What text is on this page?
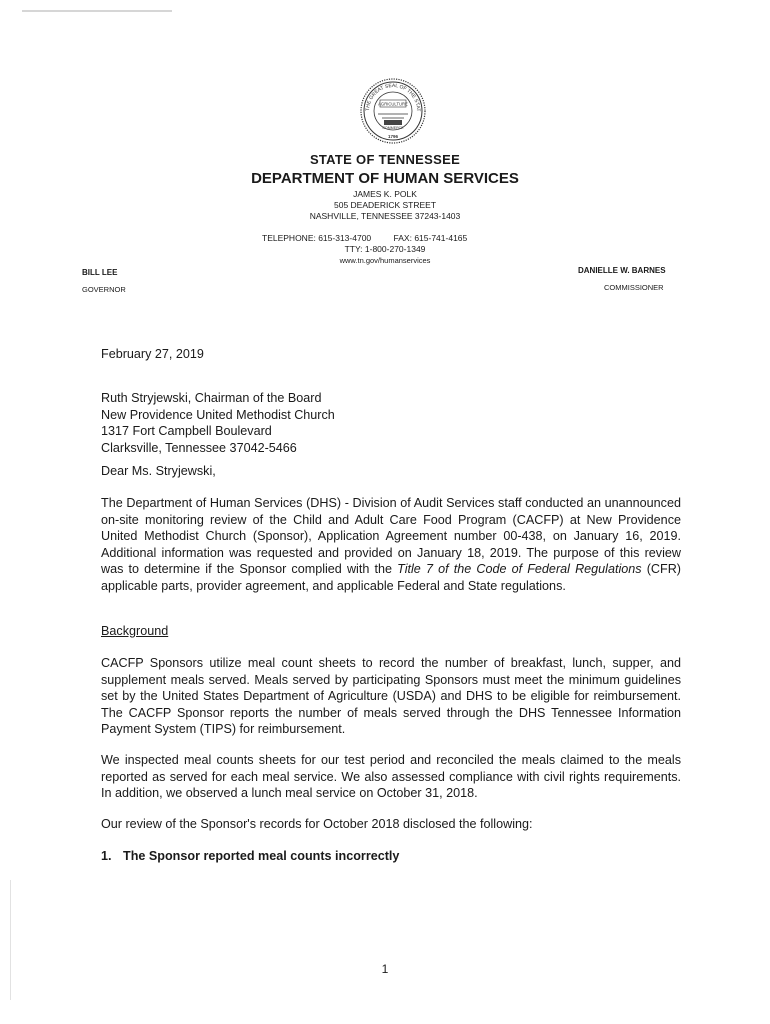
THE GREAT SEAL OF THE STAT
AGRICULTURE
COMMERCE
1796
STATE OF TENNESSEE
DEPARTMENT OF HUMAN SERVICES
JAMES K. POLK
505 DEADERICK STREET
NASHVILLE, TENNESSEE 37243-1403
TELEPHONE: 615-313-4700	FAX: 615-741-4165
TTY: 1-800-270-1349
www.tn.gov/humanservices
BILL LEE
GOVERNOR
DANIELLE W. BARNES
COMMISSIONER
February 27, 2019
Ruth Stryjewski, Chairman of the Board
New Providence United Methodist Church
1317 Fort Campbell Boulevard
Clarksville, Tennessee 37042-5466
Dear Ms. Stryjewski,
The Department of Human Services (DHS) - Division of Audit Services staff conducted an unannounced on-site monitoring review of the Child and Adult Care Food Program (CACFP) at New Providence United Methodist Church (Sponsor), Application Agreement number 00-438, on January 16, 2019. Additional information was requested and provided on January 18, 2019. The purpose of this review was to determine if the Sponsor complied with the Title 7 of the Code of Federal Regulations (CFR) applicable parts, provider agreement, and applicable Federal and State regulations.
Background
CACFP Sponsors utilize meal count sheets to record the number of breakfast, lunch, supper, and supplement meals served. Meals served by participating Sponsors must meet the minimum guidelines set by the United States Department of Agriculture (USDA) and DHS to be eligible for reimbursement. The CACFP Sponsor reports the number of meals served through the DHS Tennessee Information Payment System (TIPS) for reimbursement.
We inspected meal counts sheets for our test period and reconciled the meals claimed to the meals reported as served for each meal service. We also assessed compliance with civil rights requirements. In addition, we observed a lunch meal service on October 31, 2018.
Our review of the Sponsor's records for October 2018 disclosed the following:
1. The Sponsor reported meal counts incorrectly
1
